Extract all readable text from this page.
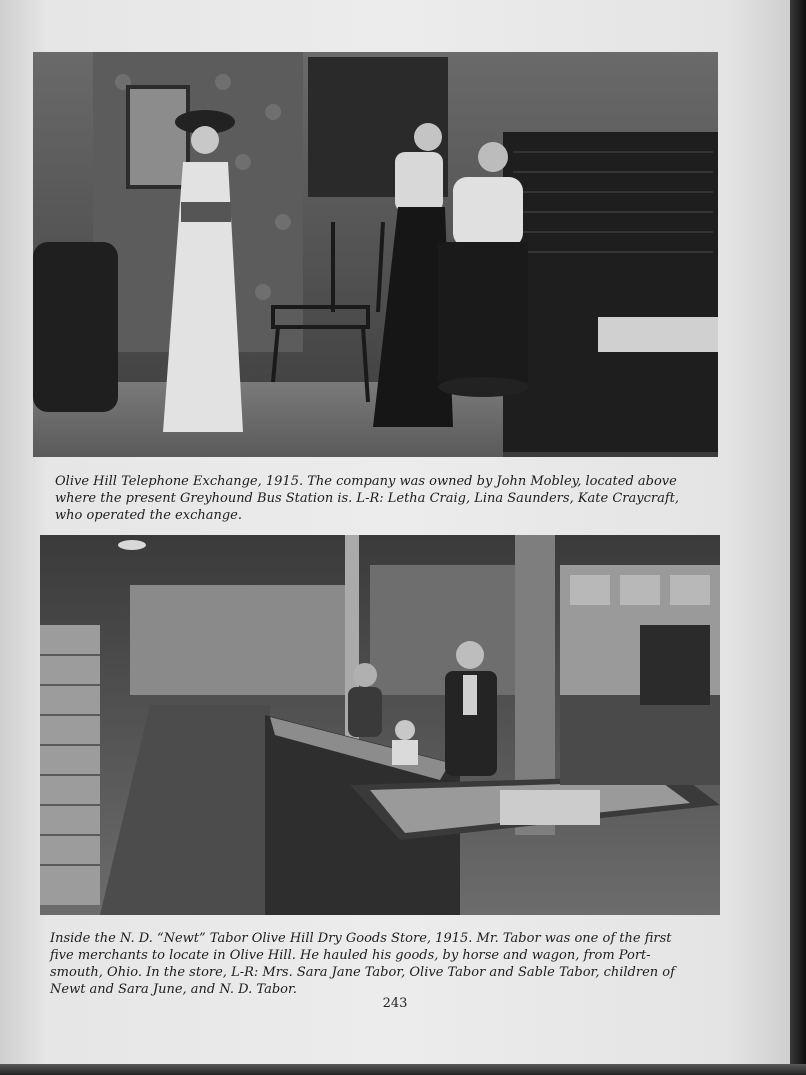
Olive Hill Telephone Exchange, 1915. The company was owned by John Mobley, located above
where the present Greyhound Bus Station is. L-R: Letha Craig, Lina Saunders, Kate Craycraft,
who operated the exchange.
Inside the N. D. “Newt” Tabor Olive Hill Dry Goods Store, 1915. Mr. Tabor was one of the first
five merchants to locate in Olive Hill. He hauled his goods, by horse and wagon, from Port-
smouth, Ohio. In the store, L-R: Mrs. Sara Jane Tabor, Olive Tabor and Sable Tabor, children of
Newt and Sara June, and N. D. Tabor.
243
